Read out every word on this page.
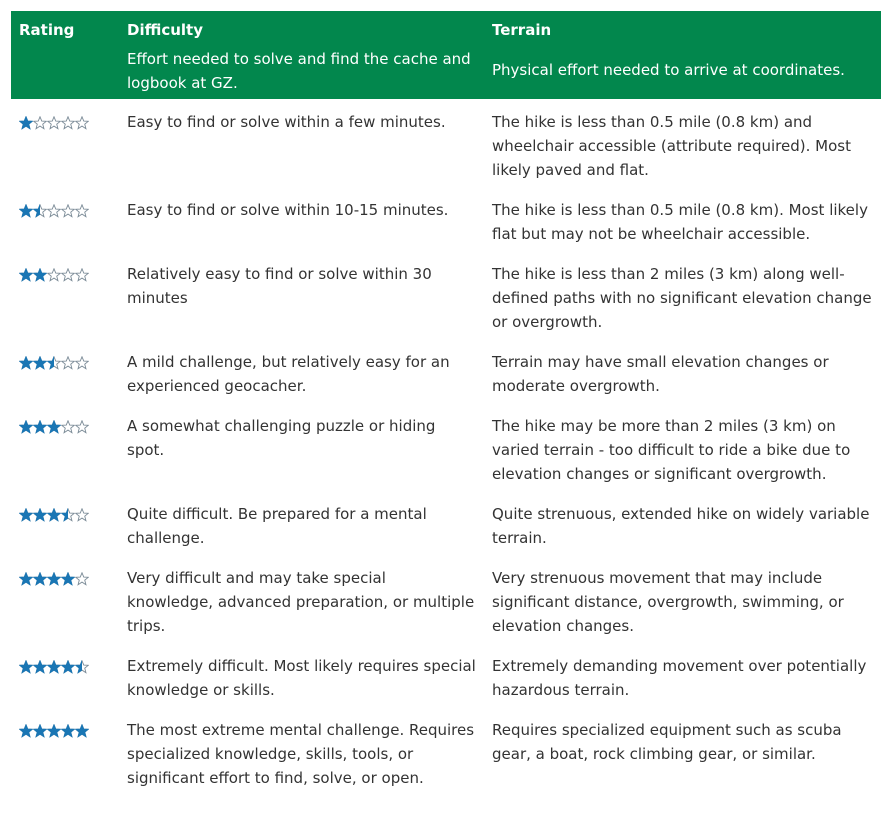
Rating	Difficulty	Terrain
	Effort needed to solve and find the cache and logbook at GZ.	Physical effort needed to arrive at coordinates.
	Easy to find or solve within a few minutes.	The hike is less than 0.5 mile (0.8 km) and wheelchair accessible (attribute required). Most likely paved and flat.
	Easy to find or solve within 10-15 minutes.	The hike is less than 0.5 mile (0.8 km). Most likely flat but may not be wheelchair accessible.
	Relatively easy to find or solve within 30 minutes	The hike is less than 2 miles (3 km) along well-defined paths with no significant elevation change or overgrowth.
	A mild challenge, but relatively easy for an experienced geocacher.	Terrain may have small elevation changes or moderate overgrowth.
	A somewhat challenging puzzle or hiding spot.	The hike may be more than 2 miles (3 km) on varied terrain - too difficult to ride a bike due to elevation changes or significant overgrowth.
	Quite difficult. Be prepared for a mental challenge.	Quite strenuous, extended hike on widely variable terrain.
	Very difficult and may take special knowledge, advanced preparation, or multiple trips.	Very strenuous movement that may include significant distance, overgrowth, swimming, or elevation changes.
	Extremely difficult. Most likely requires special knowledge or skills.	Extremely demanding movement over potentially hazardous terrain.
	The most extreme mental challenge. Requires specialized knowledge, skills, tools, or significant effort to find, solve, or open.	Requires specialized equipment such as scuba gear, a boat, rock climbing gear, or similar.
